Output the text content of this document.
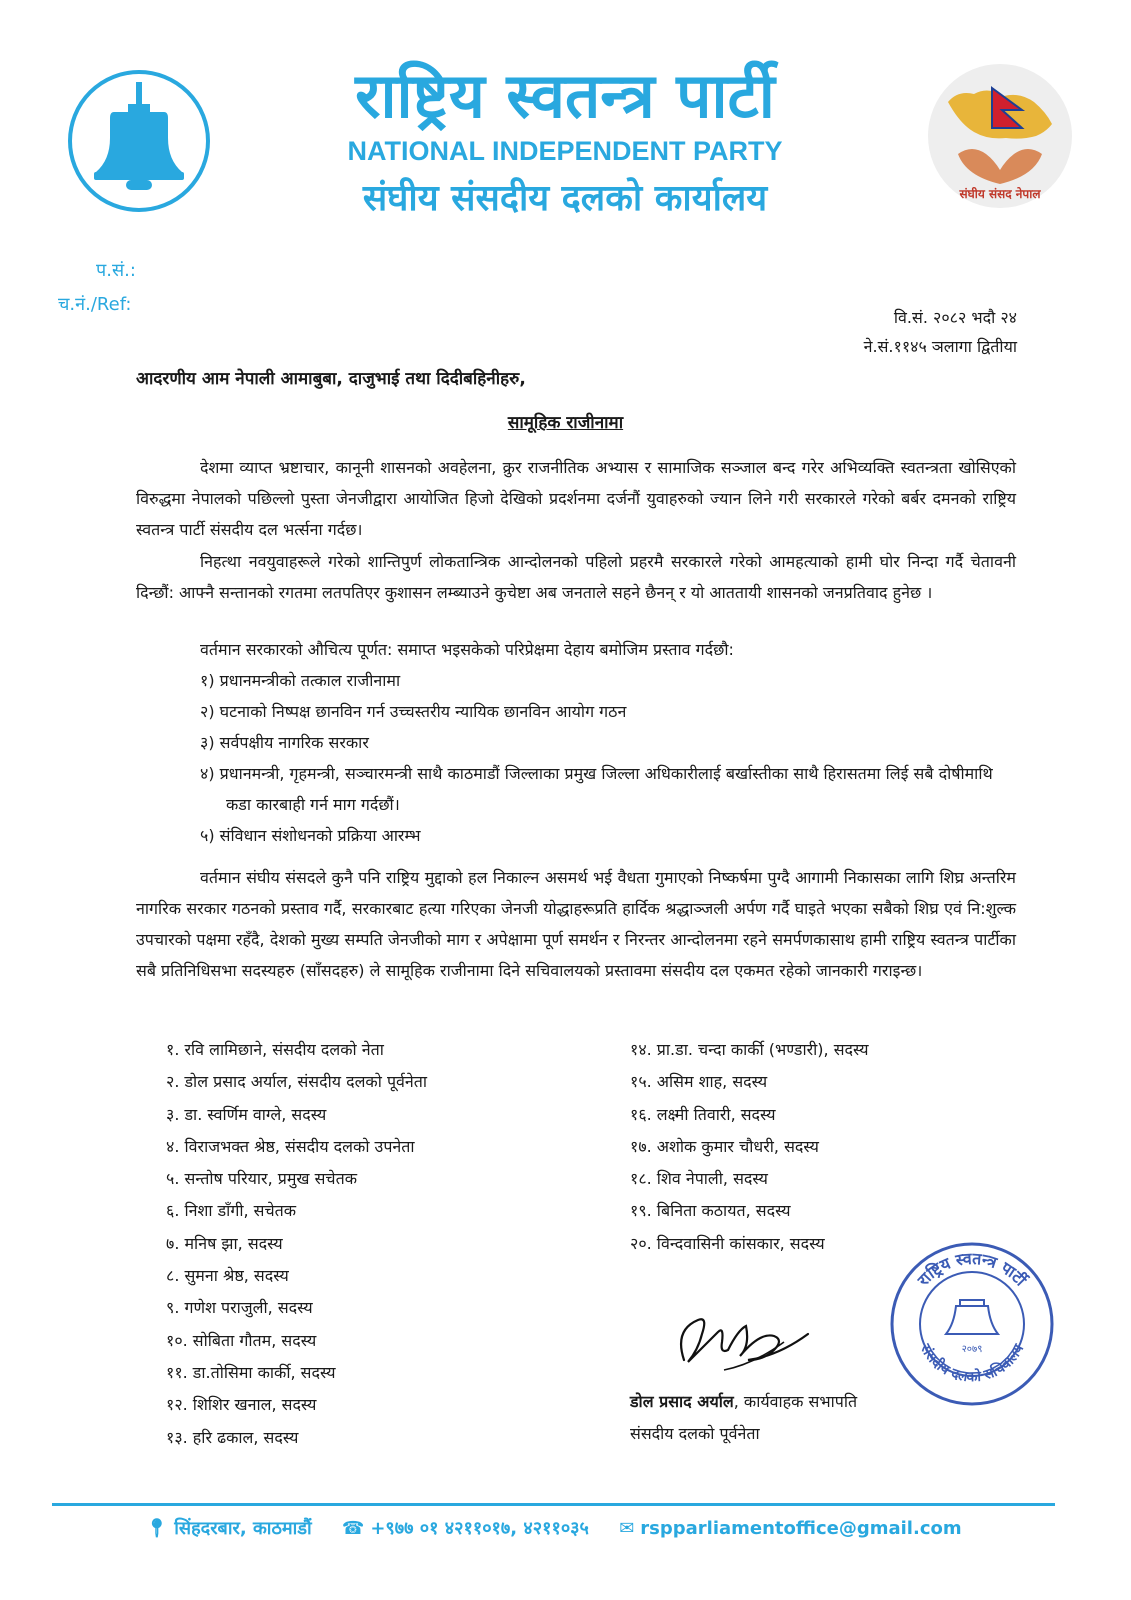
राष्ट्रिय स्वतन्त्र पार्टी
NATIONAL INDEPENDENT PARTY
संघीय संसदीय दलको कार्यालय	संघीय संसद नेपाल
प.सं.:
च.नं./Ref:
वि.सं. २०८२ भदौ २४
ने.सं.११४५ ञलागा द्वितीया
आदरणीय आम नेपाली आमाबुबा, दाजुभाई तथा दिदीबहिनीहरु,
सामूहिक राजीनामा

देशमा व्याप्त भ्रष्टाचार, कानूनी शासनको अवहेलना, क्रुर राजनीतिक अभ्यास र सामाजिक सञ्जाल बन्द गरेर अभिव्यक्ति स्वतन्त्रता खोसिएको विरुद्धमा नेपालको पछिल्लो पुस्ता जेनजीद्वारा आयोजित हिजो देखिको प्रदर्शनमा दर्जनौं युवाहरुको ज्यान लिने गरी सरकारले गरेको बर्बर दमनको राष्ट्रिय स्वतन्त्र पार्टी संसदीय दल भर्त्सना गर्दछ।

निहत्था नवयुवाहरूले गरेको शान्तिपुर्ण लोकतान्त्रिक आन्दोलनको पहिलो प्रहरमै सरकारले गरेको आमहत्याको हामी घोर निन्दा गर्दै चेतावनी दिन्छौं: आफ्नै सन्तानको रगतमा लतपतिएर कुशासन लम्ब्याउने कुचेष्टा अब जनताले सहने छैनन् र यो आततायी शासनको जनप्रतिवाद हुनेछ ।

वर्तमान सरकारको औचित्य पूर्णत: समाप्त भइसकेको परिप्रेक्षमा देहाय बमोजिम प्रस्ताव गर्दछौ:

१) प्रधानमन्त्रीको तत्काल राजीनामा
२) घटनाको निष्पक्ष छानविन गर्न उच्चस्तरीय न्यायिक छानविन आयोग गठन
३) सर्वपक्षीय नागरिक सरकार
४) प्रधानमन्त्री, गृहमन्त्री, सञ्चारमन्त्री साथै काठमाडौं जिल्लाका प्रमुख जिल्ला अधिकारीलाई बर्खास्तीका साथै हिरासतमा लिई सबै दोषीमाथि कडा कारबाही गर्न माग गर्दछौं।
५) संविधान संशोधनको प्रक्रिया आरम्भ

वर्तमान संघीय संसदले कुनै पनि राष्ट्रिय मुद्दाको हल निकाल्न असमर्थ भई वैधता गुमाएको निष्कर्षमा पुग्दै आगामी निकासका लागि शिघ्र अन्तरिम नागरिक सरकार गठनको प्रस्ताव गर्दै, सरकारबाट हत्या गरिएका जेनजी योद्धाहरूप्रति हार्दिक श्रद्धाञ्जली अर्पण गर्दै घाइते भएका सबैको शिघ्र एवं नि:शुल्क उपचारको पक्षमा रहँदै, देशको मुख्य सम्पति जेनजीको माग र अपेक्षामा पूर्ण समर्थन र निरन्तर आन्दोलनमा रहने समर्पणकासाथ हामी राष्ट्रिय स्वतन्त्र पार्टीका सबै प्रतिनिधिसभा सदस्यहरु (साँसदहरु) ले सामूहिक राजीनामा दिने सचिवालयको प्रस्तावमा संसदीय दल एकमत रहेको जानकारी गराइन्छ।

१. रवि लामिछाने, संसदीय दलको नेता
२. डोल प्रसाद अर्याल, संसदीय दलको पूर्वनेता
३. डा. स्वर्णिम वाग्ले, सदस्य
४. विराजभक्त श्रेष्ठ, संसदीय दलको उपनेता
५. सन्तोष परियार, प्रमुख सचेतक
६. निशा डाँगी, सचेतक
७. मनिष झा, सदस्य
८. सुमना श्रेष्ठ, सदस्य
९. गणेश पराजुली, सदस्य
१०. सोबिता गौतम, सदस्य
११. डा.तोसिमा कार्की, सदस्य
१२. शिशिर खनाल, सदस्य
१३. हरि ढकाल, सदस्य
१४. प्रा.डा. चन्दा कार्की (भण्डारी), सदस्य
१५. असिम शाह, सदस्य
१६. लक्ष्मी तिवारी, सदस्य
१७. अशोक कुमार चौधरी, सदस्य
१८. शिव नेपाली, सदस्य
१९. बिनिता कठायत, सदस्य
२०. विन्दवासिनी कांसकार, सदस्य
राष्ट्रिय स्वतन्त्र पार्टी
संसदीय दलको सचिवालय
२०७९
डोल प्रसाद अर्याल, कार्यवाहक सभापति
संसदीय दलको पूर्वनेता
📍︎ सिंहदरबार, काठमाडौं ☎︎ +९७७ ०१ ४२११०१७, ४२११०३५ ✉︎ rspparliamentoffice@gmail.com
